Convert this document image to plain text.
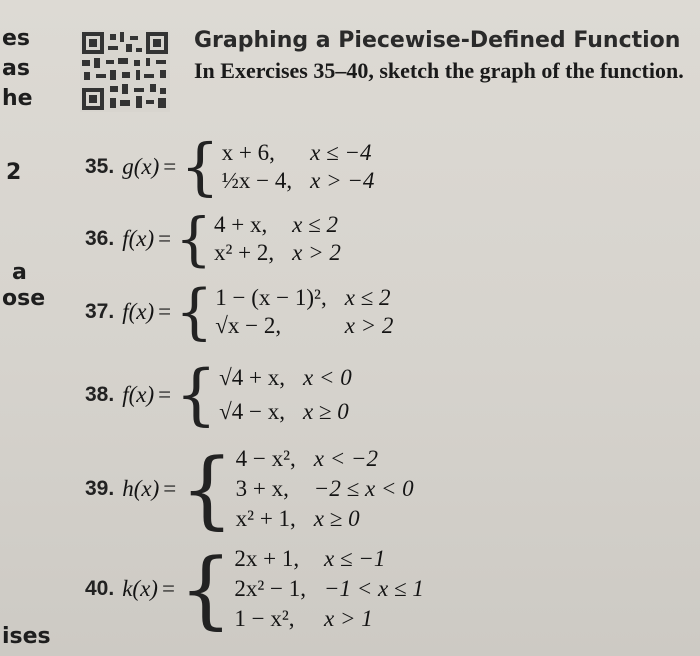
es
as
he
2
a
ose
ises
Graphing a Piecewise-Defined Function
In Exercises 35–40, sketch the graph of the function.
35. g(x) = { x + 6,	x ≤ −4
½x − 4, x > −4
36. f(x) = { 4 + x, x ≤ 2
x² + 2, x > 2
37. f(x) = { 1 − (x − 1)², x ≤ 2
√x − 2,	x > 2
38. f(x) = { √4 + x, x < 0
√4 − x, x ≥ 0
39. h(x) = { 4 − x², x < −2
3 + x, −2 ≤ x < 0
x² + 1, x ≥ 0
40. k(x) = { 2x + 1, x ≤ −1
2x² − 1, −1 < x ≤ 1
1 − x²,	x > 1
